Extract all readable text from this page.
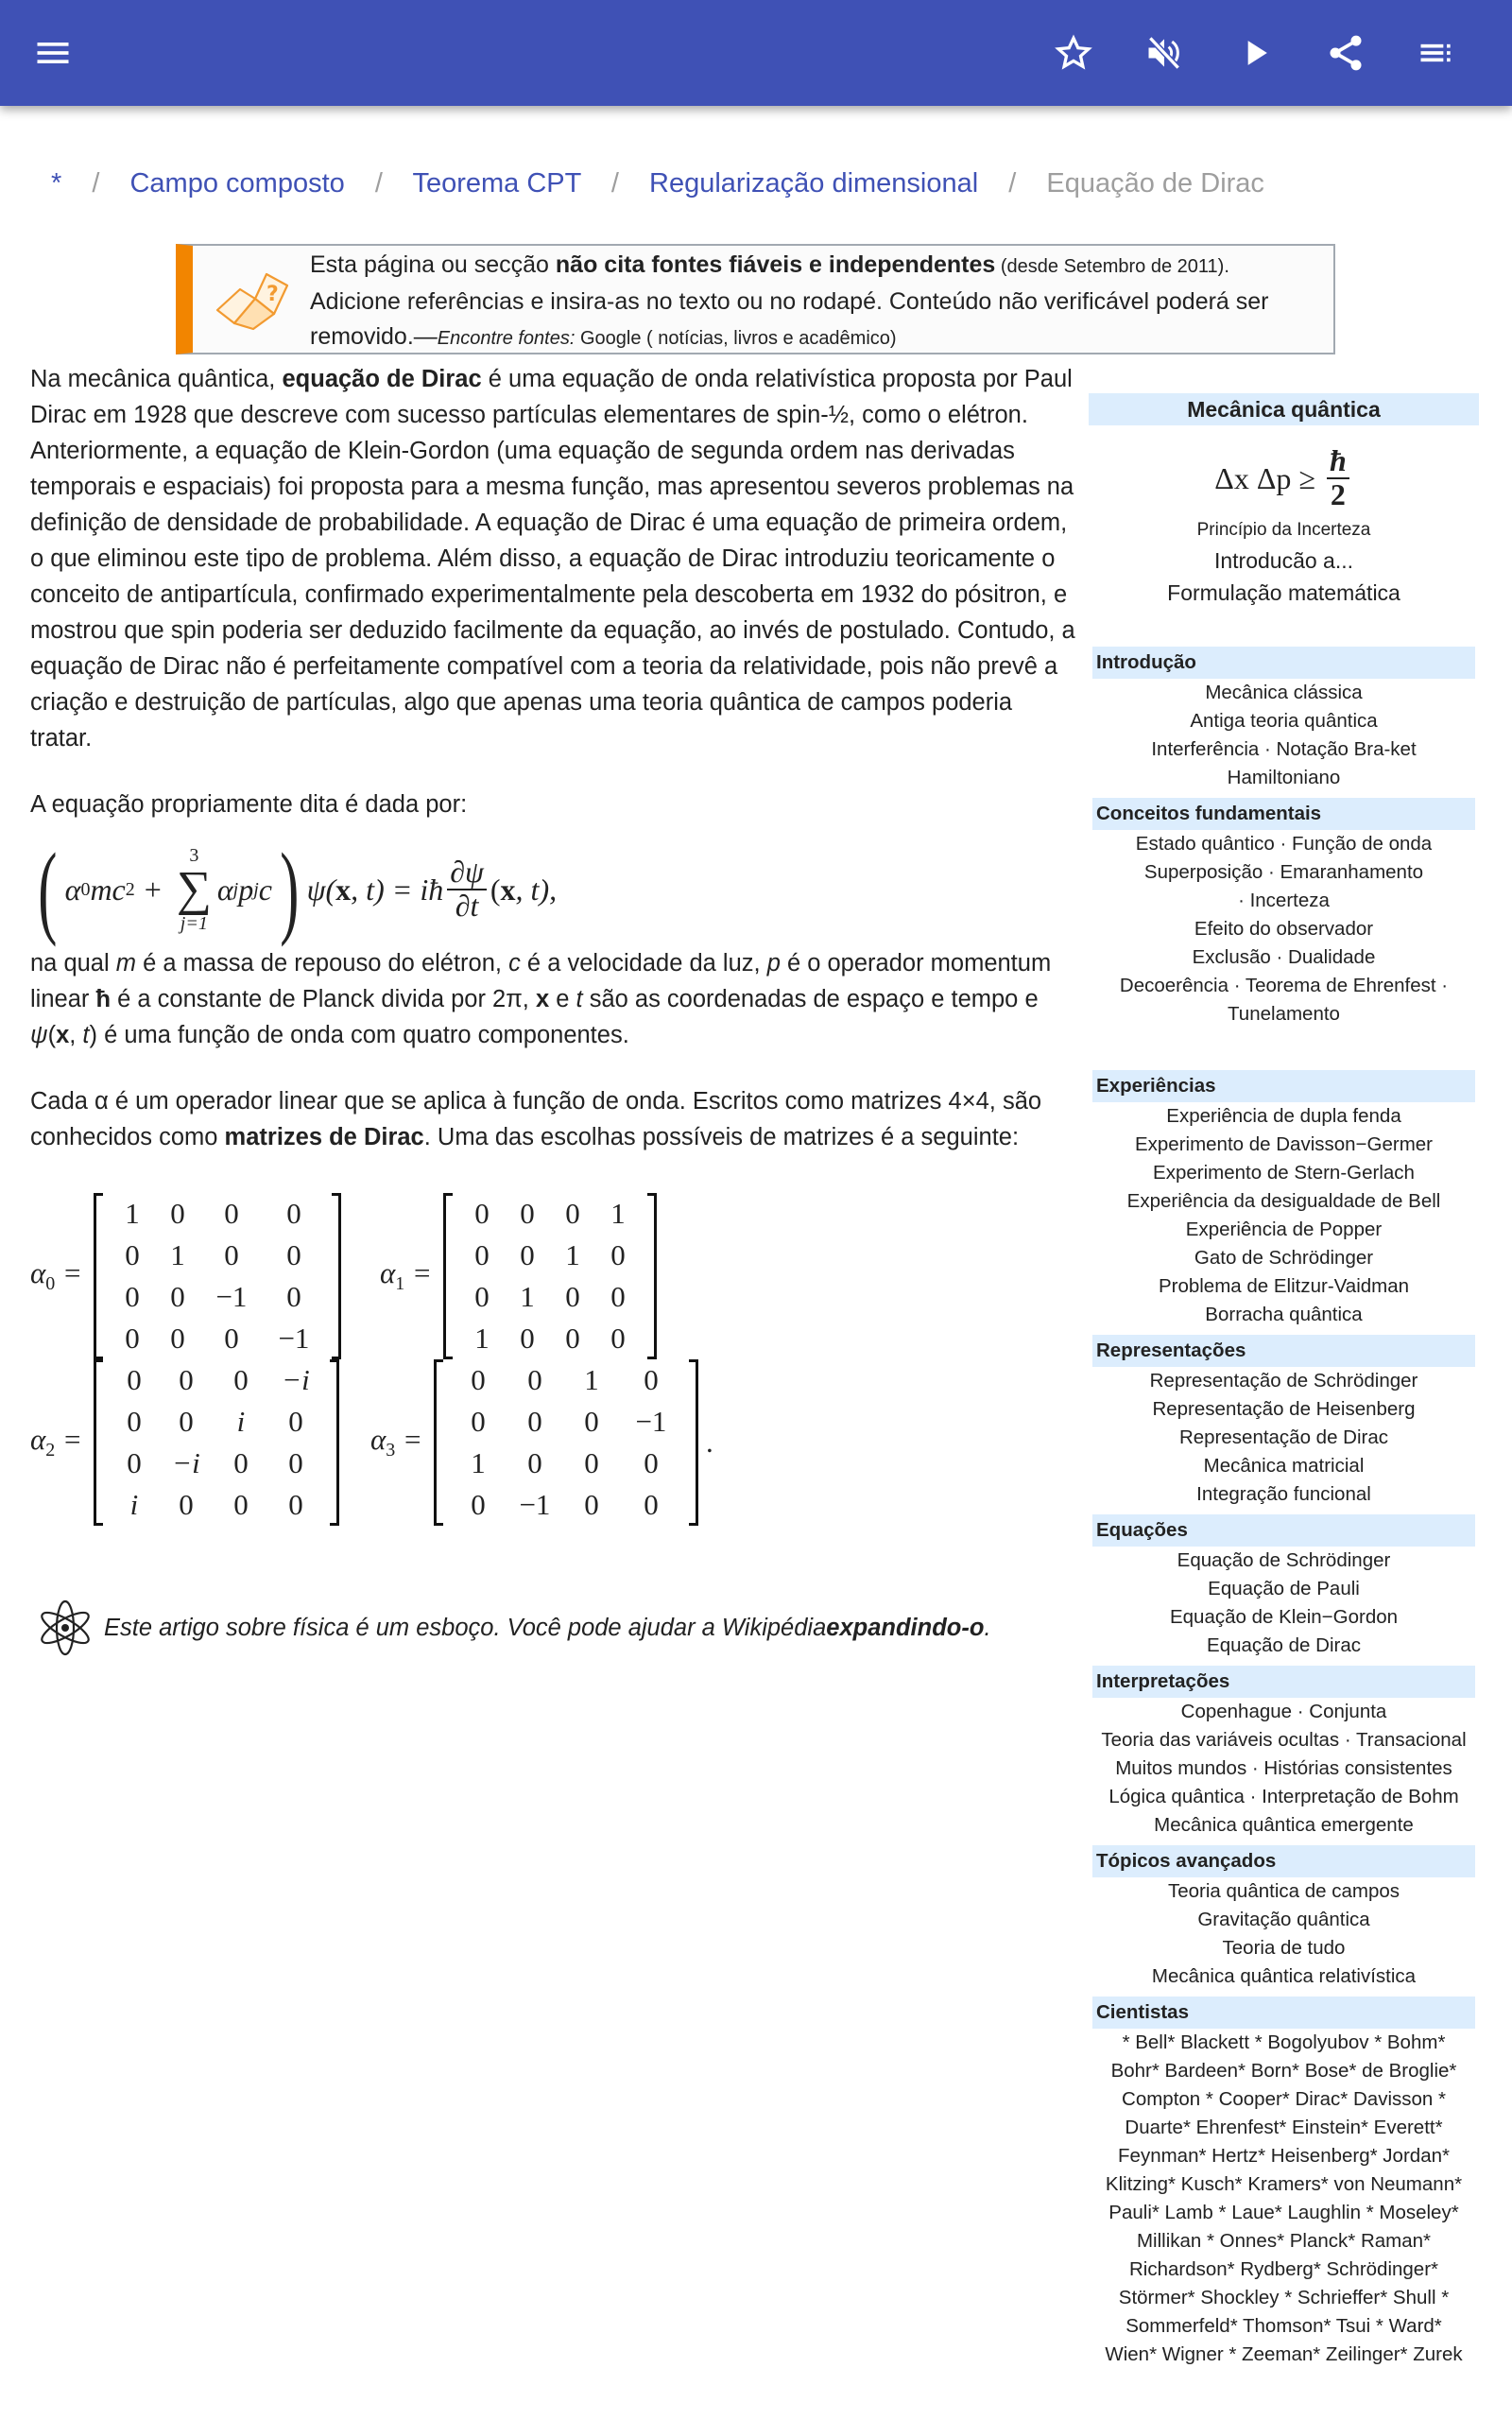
* / Campo composto / Teorema CPT / Regularização dimensional / Equação de Dirac
?
Esta página ou secção não cita fontes fiáveis e independentes (desde Setembro de 2011).
Adicione referências e insira-as no texto ou no rodapé. Conteúdo não verificável poderá ser
removido.—Encontre fontes: Google ( notícias, livros e acadêmico)

Na mecânica quântica, equação de Dirac é uma equação de onda relativística proposta por Paul Dirac em 1928 que descreve com sucesso partículas elementares de spin-½, como o elétron. Anteriormente, a equação de Klein-Gordon (uma equação de segunda ordem nas derivadas temporais e espaciais) foi proposta para a mesma função, mas apresentou severos problemas na definição de densidade de probabilidade. A equação de Dirac é uma equação de primeira ordem, o que eliminou este tipo de problema. Além disso, a equação de Dirac introduziu teoricamente o conceito de antipartícula, confirmado experimentalmente pela descoberta em 1932 do pósitron, e mostrou que spin poderia ser deduzido facilmente da equação, ao invés de postulado. Contudo, a equação de Dirac não é perfeitamente compatível com a teoria da relatividade, pois não prevê a criação e destruição de partículas, algo que apenas uma teoria quântica de campos poderia tratar.

A equação propriamente dita é dada por:

( α 0 mc 2 +
3
∑
j=1
α j p j c ) ψ( x , t) = iħ $\frac{\partial\psi}{\partial t}$ ( x , t),

na qual m é a massa de repouso do elétron, c é a velocidade da luz, p é o operador momentum linear ħ é a constante de Planck divida por 2π, x e t são as coordenadas de espaço e tempo e ψ(x, t) é uma função de onda com quatro componentes.

Cada α é um operador linear que se aplica à função de onda. Escritos como matrizes 4×4, são conhecidos como matrizes de Dirac. Uma das escolhas possíveis de matrizes é a seguinte:

$\alpha_0$ =
1	0	0	0
0	1	0	0
0	0	−1	0
0	0	0	−1
$\alpha_1$ =
0	0	0	1
0	0	1	0
0	1	0	0
1	0	0	0
$\alpha_2$ =
0	0	0	−i
0	0	i	0
0	−i	0	0
i	0	0	0
$\alpha_3$ =
0	0	1	0
0	0	0	−1
1	0	0	0
0	−1	0	0
.
Este artigo sobre física é um esboço. Você pode ajudar a Wikipédia expandindo-o .
Mecânica quântica
Δx $\Delta p \ge \frac{ħ}{2}$
Princípio da Incerteza
Introducão a...
Formulação matemática
Introdução
Mecânica clássica
Antiga teoria quântica
Interferência · Notação Bra-ket
Hamiltoniano
Conceitos fundamentais
Estado quântico · Função de onda
Superposição · Emaranhamento
· Incerteza
Efeito do observador
Exclusão · Dualidade
Decoerência · Teorema de Ehrenfest ·
Tunelamento
Experiências
Experiência de dupla fenda
Experimento de Davisson−Germer
Experimento de Stern-Gerlach
Experiência da desigualdade de Bell
Experiência de Popper
Gato de Schrödinger
Problema de Elitzur-Vaidman
Borracha quântica
Representações
Representação de Schrödinger
Representação de Heisenberg
Representação de Dirac
Mecânica matricial
Integração funcional
Equações
Equação de Schrödinger
Equação de Pauli
Equação de Klein−Gordon
Equação de Dirac
Interpretações
Copenhague · Conjunta
Teoria das variáveis ocultas · Transacional
Muitos mundos · Histórias consistentes
Lógica quântica · Interpretação de Bohm
Mecânica quântica emergente
Tópicos avançados
Teoria quântica de campos
Gravitação quântica
Teoria de tudo
Mecânica quântica relativística
Cientistas
* Bell* Blackett * Bogolyubov * Bohm*
Bohr* Bardeen* Born* Bose* de Broglie*
Compton * Cooper* Dirac* Davisson *
Duarte* Ehrenfest* Einstein* Everett*
Feynman* Hertz* Heisenberg* Jordan*
Klitzing* Kusch* Kramers* von Neumann*
Pauli* Lamb * Laue* Laughlin * Moseley*
Millikan * Onnes* Planck* Raman*
Richardson* Rydberg* Schrödinger*
Störmer* Shockley * Schrieffer* Shull *
Sommerfeld* Thomson* Tsui * Ward*
Wien* Wigner * Zeeman* Zeilinger* Zurek
